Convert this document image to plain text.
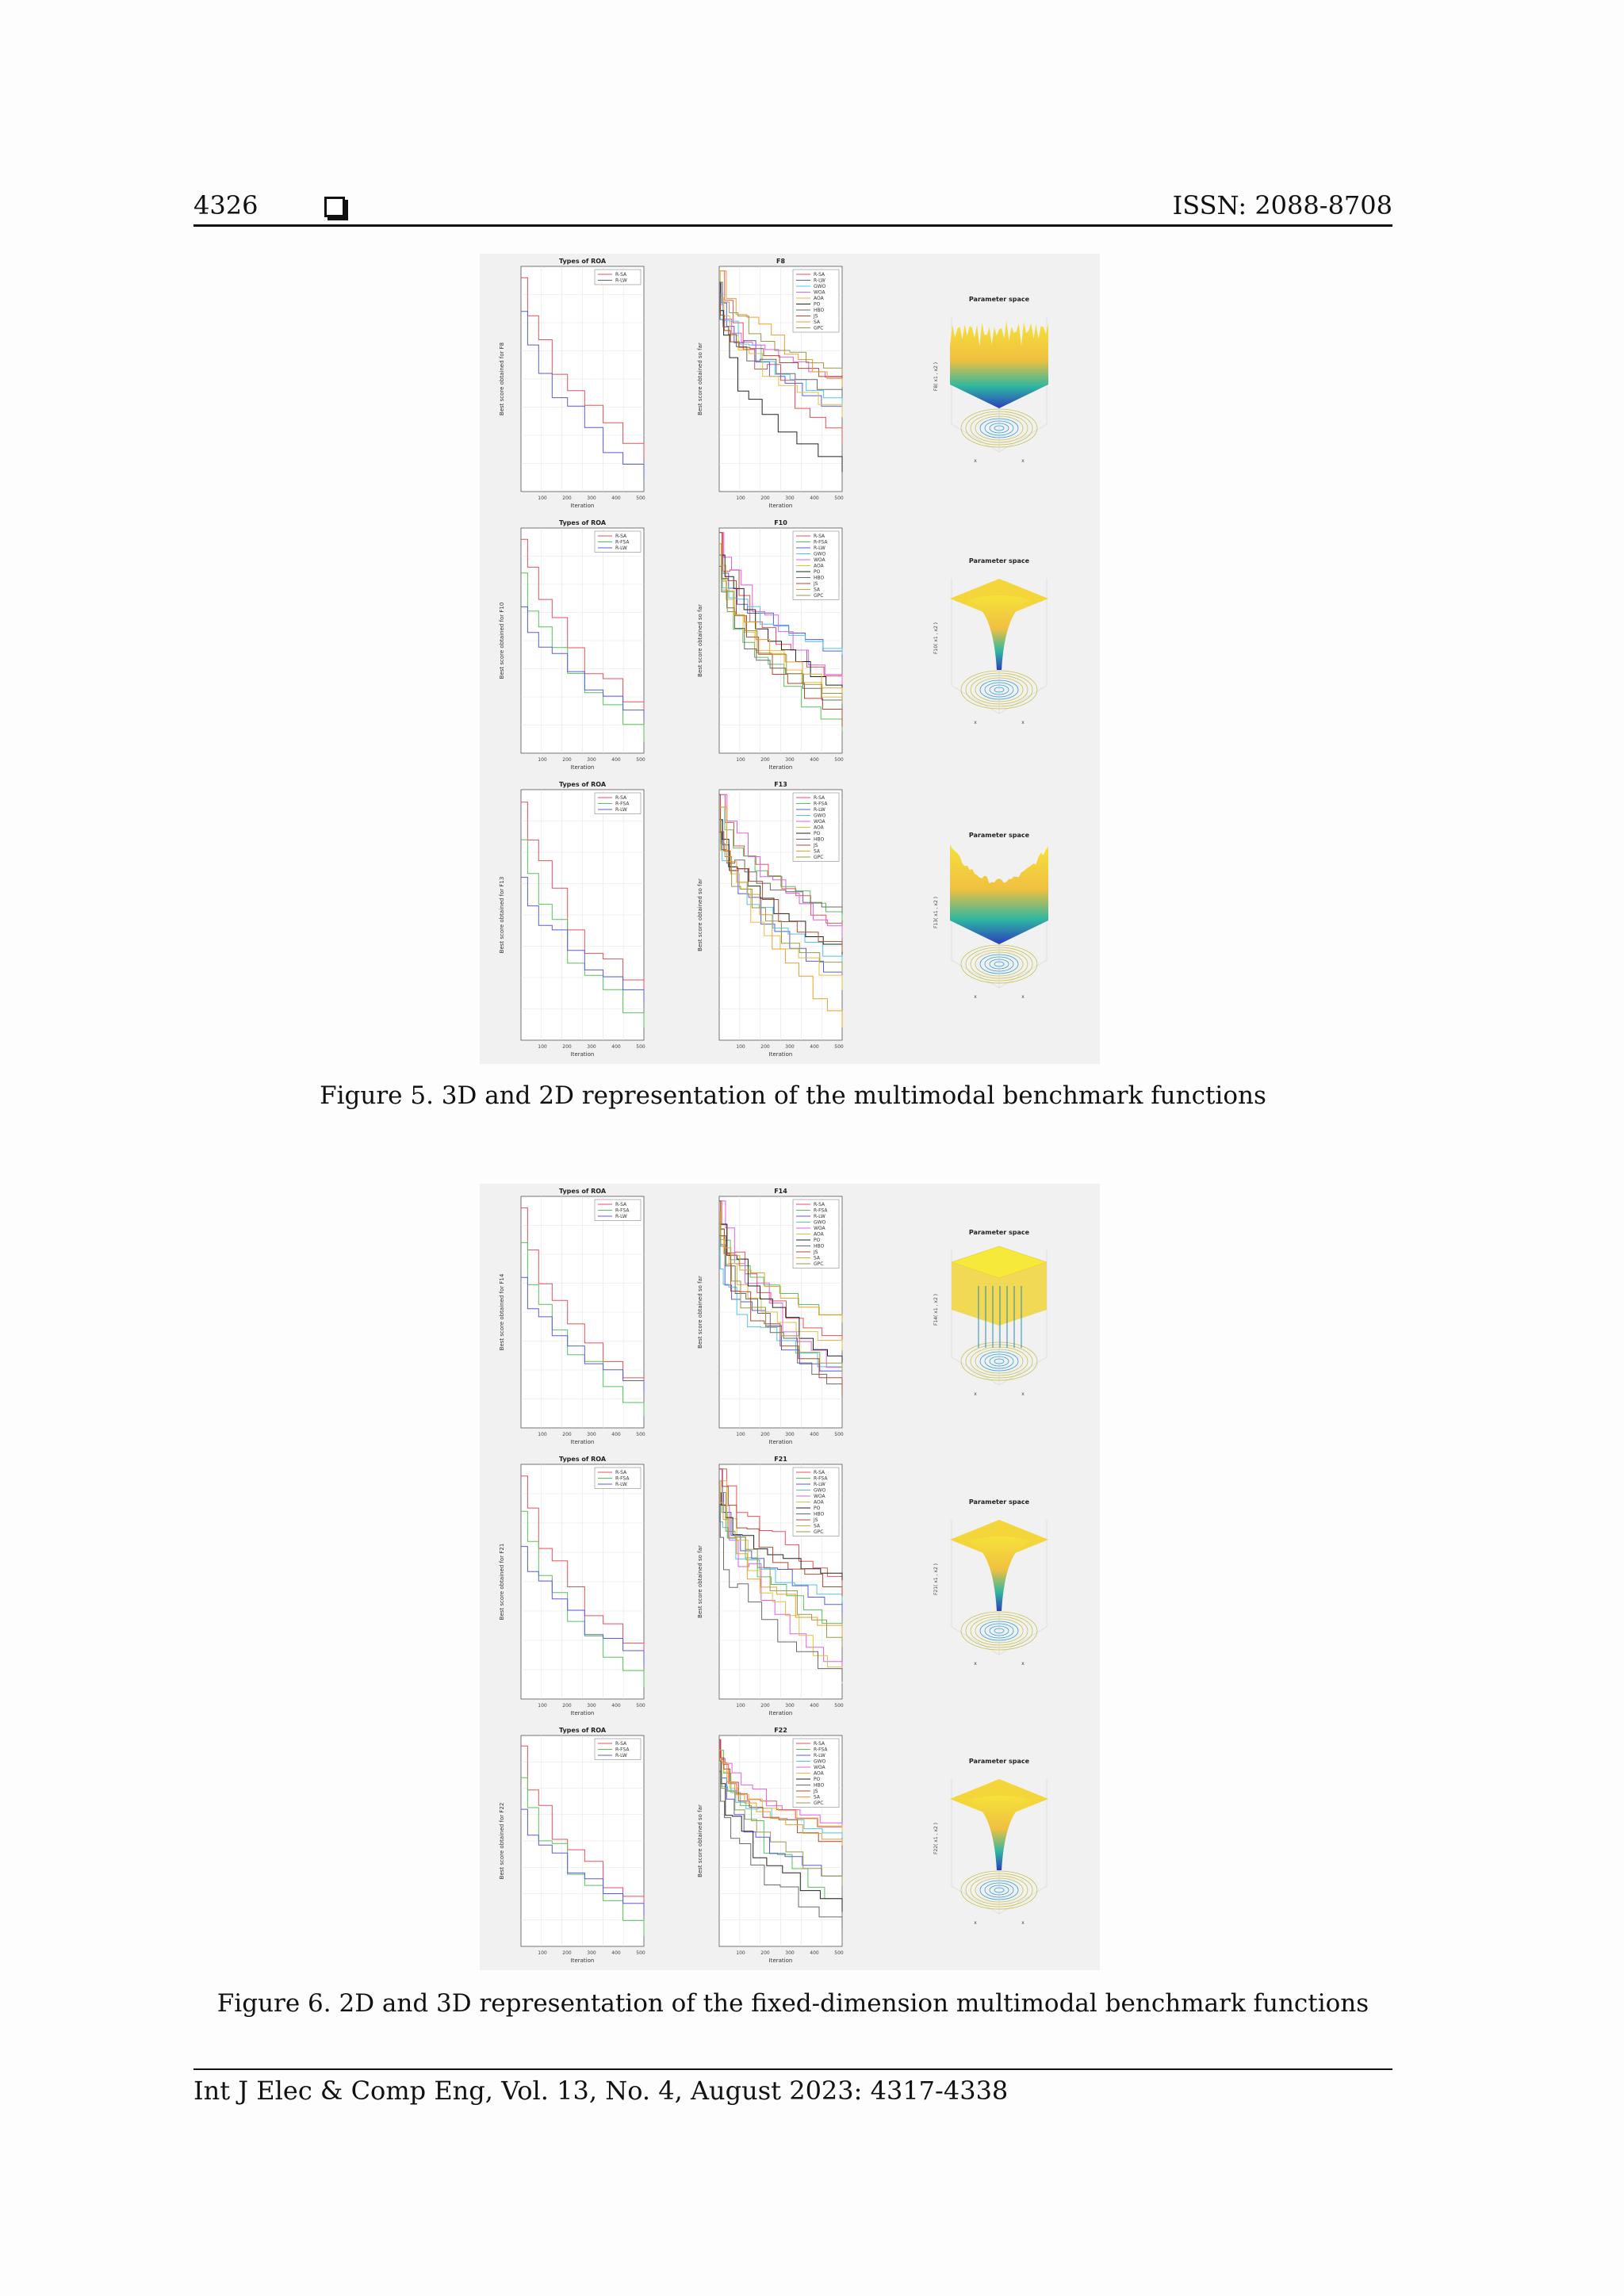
4326	ISSN: 2088-8708
Types of ROA
Best score obtained for F8
Iteration
100	200	300	400	500
R-SA
R-LW
F8
Best score obtained so far
Iteration
100	200	300	400	500
R-SA
R-LW
GWO
WOA
AOA
PO
HBO
JS
SA
GPC
Parameter space
F8( x1 , x2 )
x	x
Types of ROA
Best score obtained for F10
Iteration
100	200	300	400	500
R-SA
R-FSA
R-LW
F10
Best score obtained so far
Iteration
100	200	300	400	500
R-SA
R-FSA
R-LW
GWO
WOA
AOA
PO
HBO
JS
SA
GPC
Parameter space
F10( x1 , x2 )
x	x
Types of ROA
Best score obtained for F13
Iteration
100	200	300	400	500
R-SA
R-FSA
R-LW
F13
Best score obtained so far
Iteration
100	200	300	400	500
R-SA
R-FSA
R-LW
GWO
WOA
AOA
PO
HBO
JS
SA
GPC
Parameter space
F13( x1 , x2 )
x	x
Figure 5. 3D and 2D representation of the multimodal benchmark functions
Types of ROA
Best score obtained for F14
Iteration
100	200	300	400	500
R-SA
R-FSA
R-LW
F14
Best score obtained so far
Iteration
100	200	300	400	500
R-SA
R-FSA
R-LW
GWO
WOA
AOA
PO
HBO
JS
SA
GPC
Parameter space
F14( x1 , x2 )
x	x
Types of ROA
Best score obtained for F21
Iteration
100	200	300	400	500
R-SA
R-FSA
R-LW
F21
Best score obtained so far
Iteration
100	200	300	400	500
R-SA
R-FSA
R-LW
GWO
WOA
AOA
PO
HBO
JS
SA
GPC
Parameter space
F21( x1 , x2 )
x	x
Types of ROA
Best score obtained for F22
Iteration
100	200	300	400	500
R-SA
R-FSA
R-LW
F22
Best score obtained so far
Iteration
100	200	300	400	500
R-SA
R-FSA
R-LW
GWO
WOA
AOA
PO
HBO
JS
SA
GPC
Parameter space
F22( x1 , x2 )
x	x
Figure 6. 2D and 3D representation of the fixed-dimension multimodal benchmark functions
Int J Elec & Comp Eng, Vol. 13, No. 4, August 2023: 4317-4338
